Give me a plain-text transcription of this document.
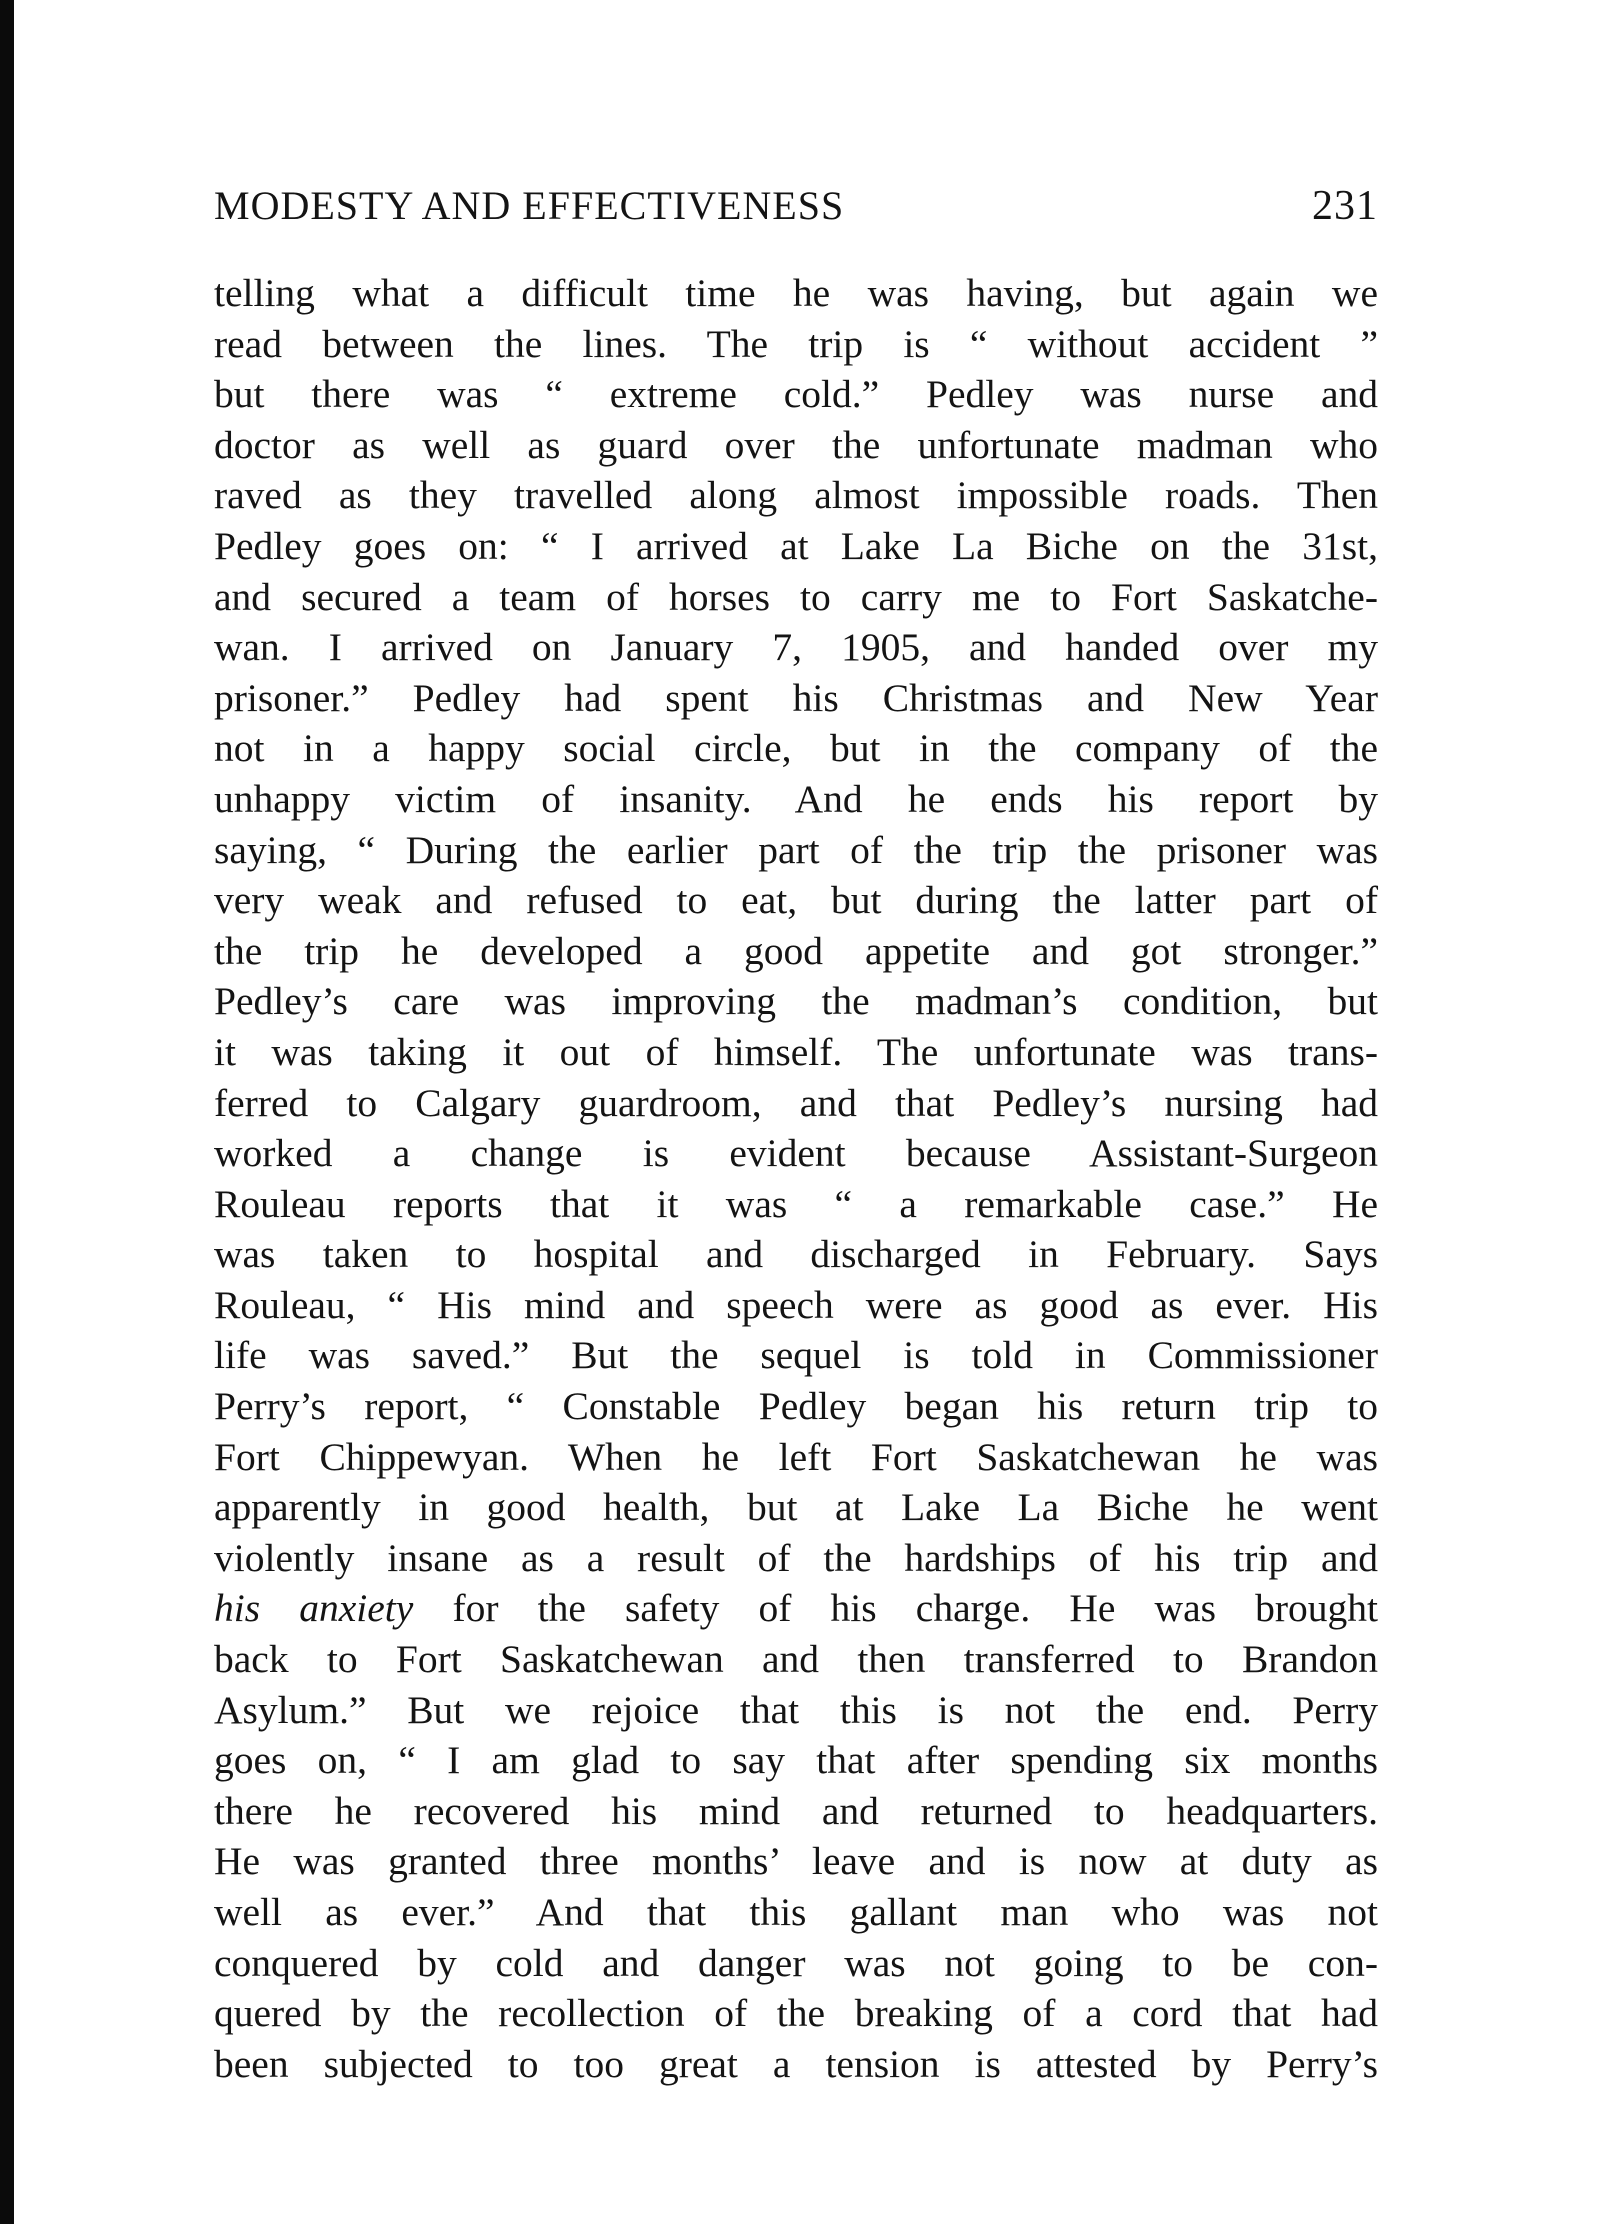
MODESTY AND EFFECTIVENESS	231
telling what a difficult time he was having, but again we
read between the lines. The trip is “ without accident ”
but there was “ extreme cold.” Pedley was nurse and
doctor as well as guard over the unfortunate madman who
raved as they travelled along almost impossible roads. Then
Pedley goes on: “ I arrived at Lake La Biche on the 31st,
and secured a team of horses to carry me to Fort Saskatche-
wan. I arrived on January 7, 1905, and handed over my
prisoner.” Pedley had spent his Christmas and New Year
not in a happy social circle, but in the company of the
unhappy victim of insanity. And he ends his report by
saying, “ During the earlier part of the trip the prisoner was
very weak and refused to eat, but during the latter part of
the trip he developed a good appetite and got stronger.”
Pedley’s care was improving the madman’s condition, but
it was taking it out of himself. The unfortunate was trans-
ferred to Calgary guardroom, and that Pedley’s nursing had
worked a change is evident because Assistant-Surgeon
Rouleau reports that it was “ a remarkable case.” He
was taken to hospital and discharged in February. Says
Rouleau, “ His mind and speech were as good as ever. His
life was saved.” But the sequel is told in Commissioner
Perry’s report, “ Constable Pedley began his return trip to
Fort Chippewyan. When he left Fort Saskatchewan he was
apparently in good health, but at Lake La Biche he went
violently insane as a result of the hardships of his trip and
his anxiety for the safety of his charge. He was brought
back to Fort Saskatchewan and then transferred to Brandon
Asylum.” But we rejoice that this is not the end. Perry
goes on, “ I am glad to say that after spending six months
there he recovered his mind and returned to headquarters.
He was granted three months’ leave and is now at duty as
well as ever.” And that this gallant man who was not
conquered by cold and danger was not going to be con-
quered by the recollection of the breaking of a cord that had
been subjected to too great a tension is attested by Perry’s
